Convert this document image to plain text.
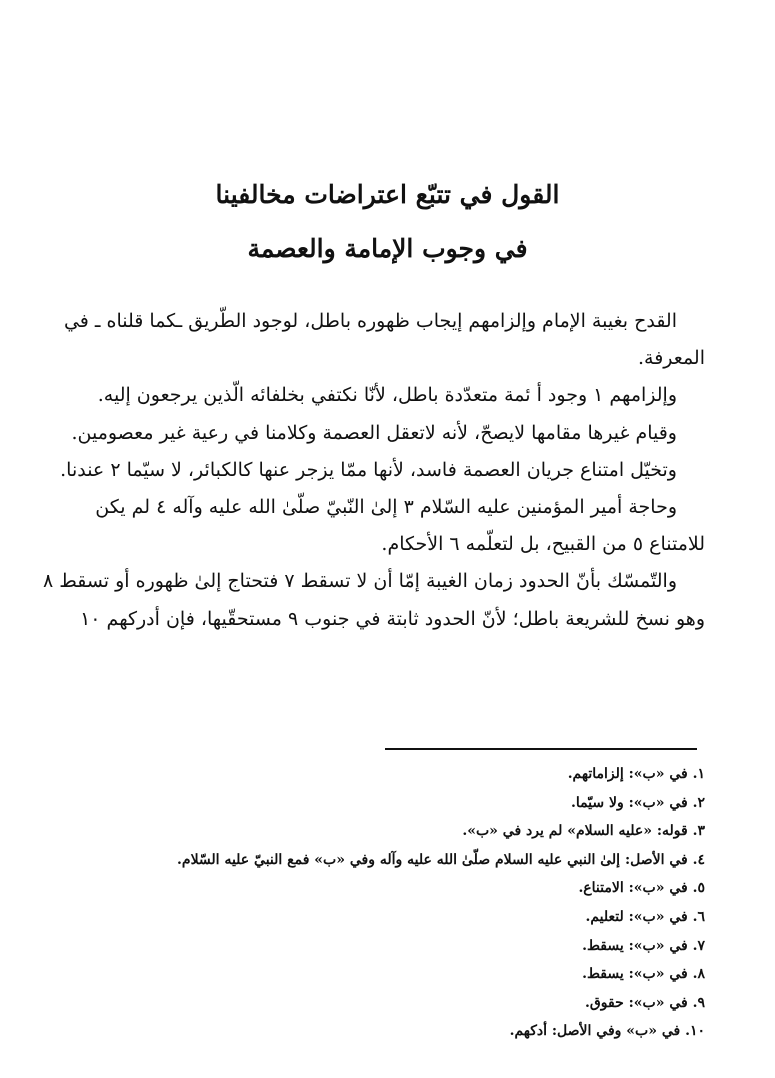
القول في تتبّع اعتراضات مخالفينا
في وجوب الإمامة والعصمة

القدح بغيبة الإمام وإلزامهم إيجاب ظهوره باطل، لوجود الطّريق ـكما قلناه ـ في

المعرفة.

وإلزامهم ١ وجود أ ئمة متعدّدة باطل، لأنّا نكتفي بخلفائه الّذين يرجعون إليه.

وقيام غيرها مقامها لايصحّ، لأنه لاتعقل العصمة وكلامنا في رعية غير معصومين.

وتخيّل امتناع جريان العصمة فاسد، لأنها ممّا يزجر عنها كالكبائر، لا سيّما ٢ عندنا.

وحاجة أمير المؤمنين عليه السّلام ٣ إلىٰ النّبيّ صلّىٰ الله عليه وآله ٤ لم يكن

للامتناع ٥ من القبيح، بل لتعلّمه ٦ الأحكام.

والتّمسّك بأنّ الحدود زمان الغيبة إمّا أن لا تسقط ٧ فتحتاج إلىٰ ظهوره أو تسقط ٨

وهو نسخ للشريعة باطل؛ لأنّ الحدود ثابتة في جنوب ٩ مستحقّيها، فإن أدركهم ١٠

١. في «ب»: إلزاماتهم.
٢. في «ب»: ولا سيّما.
٣. قوله: «عليه السلام» لم يرد في «ب».
٤. في الأصل: إلىٰ النبي عليه السلام صلّىٰ الله عليه وآله وفي «ب» فمع النبيّ عليه السّلام.
٥. في «ب»: الامتناع.
٦. في «ب»: لتعليم.
٧. في «ب»: يسقط.
٨. في «ب»: يسقط.
٩. في «ب»: حقوق.
١٠. في «ب» وفي الأصل: أدكهم.
